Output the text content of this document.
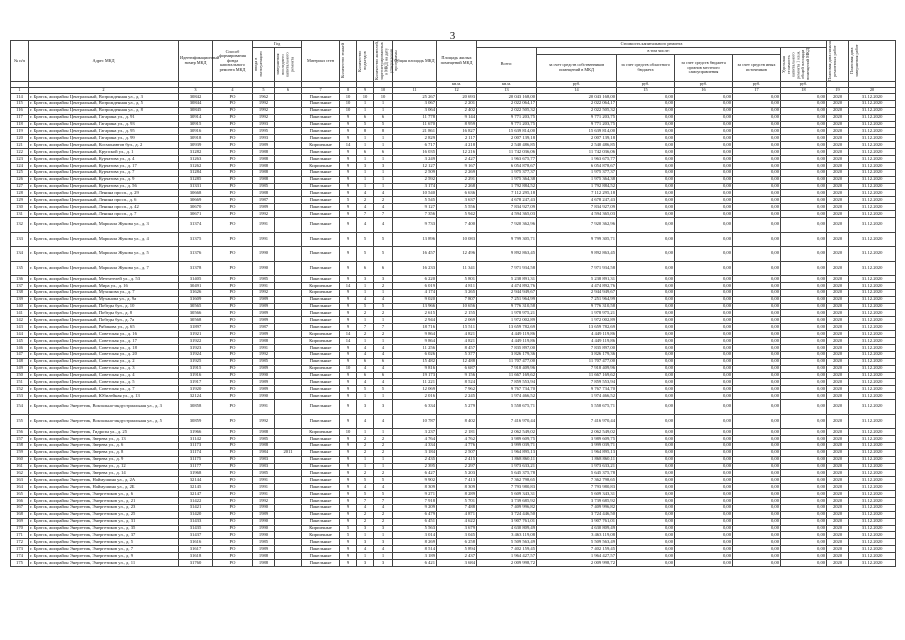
3
№ п/п	Адрес МКД	Идентификационный номер МКД	Способ формирования фонда капитального ремонта МКД	Год		Материал стен	Количество этажей	Количество подъездов	Количество жителей, зарегистрированных в МКД на дату утверждения программы	Общая площадь МКД	Площадь жилых помещений МКД	Стоимость капитального ремонта						Плановая дата начала ремонтных работ	Плановая дата завершения работ

				ввода в эксплуатацию	завершения последнего капитального ремонта							Всего:	в том числе:				Удельная стоимость капитального ремонта 1 кв.м. общей площади помещений МКД		

													за счет средств собственников помещений в МКД	за счет средств областного бюджета	за счет средств бюджета органов местного самоуправления	за счет средств иных источников			
											кв.м.	кв.м.	руб.	руб.	руб.	руб.	руб.		
1	2	3	4	5	6	7	8	9	10	11	12	13	14	15	16	17	18	19	20
114	г. Братск, жилрайон Центральный, Возрожденная ул., д. 3	30842	РО	1962		Панельные	10	10	10	25 267	20 693	20 043 168,00	20 043 168,00	0,00	0,00	0,00	0,00	2020	31.12.2020
115	г. Братск, жилрайон Центральный, Возрожденная ул., д. 5	30844	РО	1992		Панельные	10	1	1	3 067	2 201	2 022 064,17	2 022 064,17	0,00	0,00	0,00	0,00	2020	31.12.2020
116	г. Братск, жилрайон Центральный, Возрожденная ул., д. 8	30845	РО	1992		Панельные	10	1	1	3 064	2 402	2 022 505,32	2 022 505,32	0,00	0,00	0,00	0,00	2020	31.12.2020
117	г. Братск, жилрайон Центральный, Гагарина ул., д. 91	30914	РО	1992		Панельные	9	6	6	11 778	9 144	9 771 203,75	9 771 203,75	0,00	0,00	0,00	0,00	2020	31.12.2020
118	г. Братск, жилрайон Центральный, Гагарина ул., д. 93	30915	РО	1993		Панельные	9	5	5	11 670	8 959	9 771 203,75	9 771 203,75	0,00	0,00	0,00	0,00	2020	31.12.2020
119	г. Братск, жилрайон Центральный, Гагарина ул., д. 95	30916	РО	1995		Панельные	9	8	8	21 861	16 827	15 639 814,00	15 639 814,00	0,00	0,00	0,00	0,00	2020	31.12.2020
120	г. Братск, жилрайон Центральный, Гагарина ул., д. 99	30918	РО	1993		Панельные	9	1	1	2 829	2 117	2 007 139,18	2 007 139,18	0,00	0,00	0,00	0,00	2020	31.12.2020
121	г. Братск, жилрайон Центральный, Космонавтов бул., д. 2	30939	РО	1989		Кирпичные	14	1	1	6 717	4 218	2 540 486,85	2 540 486,85	0,00	0,00	0,00	0,00	2020	31.12.2020
122	г. Братск, жилрайон Центральный, Крупской ул., д. 1	31282	РО	1988		Панельные	9	6	6	16 035	12 216	11 742 036,06	11 742 036,06	0,00	0,00	0,00	0,00	2020	31.12.2020
123	г. Братск, жилрайон Центральный, Курчатова ул., д. 4	31263	РО	1988		Панельные	9	1	1	3 249	2 427	1 963 675,77	1 963 675,77	0,00	0,00	0,00	0,00	2020	31.12.2020
124	г. Братск, жилрайон Центральный, Курчатова ул., д. 17	31262	РО	1988		Кирпичные	9	3	3	12 127	9 167	6 054 878,67	6 054 878,67	0,00	0,00	0,00	0,00	2020	31.12.2020
125	г. Братск, жилрайон Центральный, Курчатова ул., д. 7	31284	РО	1988		Панельные	9	1	1	2 509	2 269	1 975 377,37	1 975 377,37	0,00	0,00	0,00	0,00	2020	31.12.2020
126	г. Братск, жилрайон Центральный, Курчатова ул., д. 9	31285	РО	1988		Панельные	9	1	1	2 592	2 291	1 975 364,38	1 975 364,38	0,00	0,00	0,00	0,00	2020	31.12.2020
127	г. Братск, жилрайон Центральный, Курчатова ул., д. 56	31331	РО	1985		Панельные	9	1	1	3 174	2 268	1 792 884,52	1 792 884,52	0,00	0,00	0,00	0,00	2020	31.12.2020
128	г. Братск, жилрайон Центральный, Ленина просп., д. 29	30668	РО	1988		Панельные	9	4	4	10 540	6 636	7 112 295,18	7 112 295,18	0,00	0,00	0,00	0,00	2020	31.12.2020
129	г. Братск, жилрайон Центральный, Ленина просп., д. 6	30669	РО	1987		Панельные	5	2	2	5 545	3 637	4 678 247,43	4 678 247,43	0,00	0,00	0,00	0,00	2020	31.12.2020
130	г. Братск, жилрайон Центральный, Ленина просп., д. 42	30670	РО	1989		Панельные	9	4	4	9 127	5 556	7 834 927,09	7 834 927,09	0,00	0,00	0,00	0,00	2020	31.12.2020
131	г. Братск, жилрайон Центральный, Ленина просп., д. 7	30671	РО	1992		Панельные	9	7	7	7 356	5 942	4 594 365,03	4 594 365,03	0,00	0,00	0,00	0,00	2020	31.12.2020
132	г. Братск, жилрайон Центральный, Маршала Жукова ул., д. 3	31374	РО	1991		Панельные	9	4	4	9 733	7 400	7 920 362,96	7 920 362,96	0,00	0,00	0,00	0,00	2020	31.12.2020
133	г. Братск, жилрайон Центральный, Маршала Жукова ул., д. 4	31375	РО	1991		Панельные	9	5	5	13 896	10 083	9 799 305,71	9 799 305,71	0,00	0,00	0,00	0,00	2020	31.12.2020
134	г. Братск, жилрайон Центральный, Маршала Жукова ул., д. 5	31376	РО	1990		Панельные	9	5	5	16 457	12 496	9 892 863,45	9 892 863,45	0,00	0,00	0,00	0,00	2020	31.12.2020
135	г. Братск, жилрайон Центральный, Маршала Жукова ул., д. 7	31378	РО	1990		Панельные	9	6	6	16 233	11 341	7 971 934,58	7 971 934,58	0,00	0,00	0,00	0,00	2020	31.12.2020
136	г. Братск, жилрайон Центральный, Мечтателей ул., д. 53	31405	РО	1985		Панельные	9	3	3	6 220	5 801	5 238 891,31	5 238 891,31	0,00	0,00	0,00	0,00	2020	31.12.2020
137	г. Братск, жилрайон Центральный, Мира ул., д. 16	30491	РО	1991		Кирпичные	14	1	2	6 019	4 811	4 474 892,76	4 474 892,76	0,00	0,00	0,00	0,00	2020	31.12.2020
138	г. Братск, жилрайон Центральный, Мухинова ул., д. 7	31626	РО	1992		Кирпичные	9	1	1	4 174	3 265	2 944 949,67	2 944 949,67	0,00	0,00	0,00	0,00	2020	31.12.2020
139	г. Братск, жилрайон Центральный, Муханова ул., д. 9а	31609	РО	1989		Панельные	9	4	4	9 020	7 807	7 251 964,99	7 251 964,99	0,00	0,00	0,00	0,00	2020	31.12.2020
140	г. Братск, жилрайон Центральный, Победы бул., д. 10	30565	РО	1989		Панельные	9	5	5	13 966	10 656	9 776 310,58	9 776 310,58	0,00	0,00	0,00	0,00	2020	31.12.2020
141	г. Братск, жилрайон Центральный, Победы бул., д. 8	30566	РО	1989		Панельные	9	2	2	2 615	2 155	1 978 975,21	1 978 975,21	0,00	0,00	0,00	0,00	2020	31.12.2020
142	г. Братск, жилрайон Центральный, Победы бул., д. 7а	30568	РО	1989		Панельные	9	1	1	2 944	2 069	1 972 002,89	1 972 002,89	0,00	0,00	0,00	0,00	2020	31.12.2020
143	г. Братск, жилрайон Центральный, Рябикова ул., д. 65	31897	РО	1987		Панельные	9	7	7	18 716	15 511	13 659 782,69	13 659 782,69	0,00	0,00	0,00	0,00	2020	31.12.2020
144	г. Братск, жилрайон Центральный, Советская ул., д. 16	31921	РО	1989		Кирпичные	14	2	2	9 864	4 821	4 449 119,86	4 449 119,86	0,00	0,00	0,00	0,00	2020	31.12.2020
145	г. Братск, жилрайон Центральный, Советская ул., д. 17	31922	РО	1988		Кирпичные	14	1	1	9 864	4 821	4 449 119,86	4 449 119,86	0,00	0,00	0,00	0,00	2020	31.12.2020
146	г. Братск, жилрайон Центральный, Советская ул., д. 18	31923	РО	1991		Панельные	9	4	4	11 256	8 457	7 835 897,00	7 835 897,00	0,00	0,00	0,00	0,00	2020	31.12.2020
147	г. Братск, жилрайон Центральный, Советская ул., д. 20	31924	РО	1992		Панельные	9	4	4	6 026	5 377	3 826 179,36	3 826 179,36	0,00	0,00	0,00	0,00	2020	31.12.2020
148	г. Братск, жилрайон Центральный, Советская ул., д. 2	31925	РО	1985		Панельные	9	6	6	15 482	12 488	11 707 477,00	11 707 477,00	0,00	0,00	0,00	0,00	2020	31.12.2020
149	г. Братск, жилрайон Центральный, Советская ул., д. 3	31915	РО	1989		Кирпичные	10	4	4	9 816	6 687	7 918 409,96	7 918 409,96	0,00	0,00	0,00	0,00	2020	31.12.2020
150	г. Братск, жилрайон Центральный, Советская ул., д. 4	31916	РО	1990		Панельные	9	6	6	19 173	9 156	11 667 169,62	11 667 169,62	0,00	0,00	0,00	0,00	2020	31.12.2020
151	г. Братск, жилрайон Центральный, Советская ул., д. 5	31917	РО	1989		Панельные	9	4	4	11 221	8 524	7 859 553,94	7 859 553,94	0,00	0,00	0,00	0,00	2020	31.12.2020
152	г. Братск, жилрайон Центральный, Советская ул., д. 7	31920	РО	1989		Панельные	9	5	5	12 069	7 962	9 767 734,70	9 767 734,70	0,00	0,00	0,00	0,00	2020	31.12.2020
153	г. Братск, жилрайон Центральный, Юбилейная ул., д. 13	32124	РО	1990		Панельные	9	1	1	2 016	2 245	1 974 466,52	1 974 466,52	0,00	0,00	0,00	0,00	2020	31.12.2020
154	г. Братск, жилрайон Энергетик, Вокзально-индустриальная ул., д. 3	30858	РО	1991		Панельные	9	3	3	6 334	5 279	5 558 675,71	5 558 675,71	0,00	0,00	0,00	0,00	2020	31.12.2020
155	г. Братск, жилрайон Энергетик, Вокзально-индустриальная ул., д. 5	30859	РО	1992		Панельные	9	4	4	10 787	8 402	7 416 970,44	7 416 970,44	0,00	0,00	0,00	0,00	2020	31.12.2020
156	г. Братск, жилрайон Энергетик, Гидроэн ул., д. 25	31966	РО	1988		Кирпичные	10	1	1	3 237	2 181	2 062 549,02	2 062 549,02	0,00	0,00	0,00	0,00	2020	31.12.2020
157	г. Братск, жилрайон Энергетик, Зверева ул., д. 13	31142	РО	1985		Панельные	9	2	2	4 764	4 762	3 989 609,75	3 989 609,75	0,00	0,00	0,00	0,00	2020	31.12.2020
158	г. Братск, жилрайон Энергетик, Зверева ул., д. 6	31173	РО	1988		Панельные	9	2	2	4 334	4 776	3 999 039,71	3 999 039,71	0,00	0,00	0,00	0,00	2020	31.12.2020
159	г. Братск, жилрайон Энергетик, Зверева ул., д. 8	31174	РО	1984	2011	Панельные	9	2	2	3 184	2 507	1 964 895,13	1 964 895,13	0,00	0,00	0,00	0,00	2020	31.12.2020
160	г. Братск, жилрайон Энергетик, Зверева ул., д. 9	31175	РO	1983		Панельные	9	1	1	2 435	2 415	1 868 860,11	1 868 860,11	0,00	0,00	0,00	0,00	2020	31.12.2020
161	г. Братск, жилрайон Энергетик, Зверева ул., д. 12	31177	РО	1983		Панельные	9	1	1	2 395	2 297	1 973 633,21	1 973 633,21	0,00	0,00	0,00	0,00	2020	31.12.2020
162	г. Братск, жилрайон Энергетик, Зверева ул., д. 14	31968	РО	1985		Панельные	9	2	2	6 427	5 203	5 645 375,78	5 645 375,78	0,00	0,00	0,00	0,00	2020	31.12.2020
163	г. Братск, жилрайон Энергетик, Наймушина ул., д. 2А	32144	РО	1991		Панельные	9	5	5	9 902	7 413	7 362 798,65	7 362 798,65	0,00	0,00	0,00	0,00	2020	31.12.2020
164	г. Братск, жилрайон Энергетик, Наймушина ул., д. 2Б	32145	РО	1991		Панельные	9	4	4	8 309	8 309	7 793 980,83	7 793 980,83	0,00	0,00	0,00	0,00	2020	31.12.2020
165	г. Братск, жилрайон Энергетик, Энергетиков ул., д. 6	32147	РО	1991		Панельные	9	5	5	9 271	8 289	5 609 343,31	5 609 343,31	0,00	0,00	0,00	0,00	2020	31.12.2020
166	г. Братск, жилрайон Энергетик, Энергетиков ул., д. 21	31422	РО	1992		Панельные	9	7	7	7 918	5 701	3 739 685,92	3 739 685,92	0,00	0,00	0,00	0,00	2020	31.12.2020
167	г. Братск, жилрайон Энергетик, Энергетиков ул., д. 23	31421	РО	1990		Панельные	9	4	4	9 209	7 488	7 409 996,82	7 409 996,82	0,00	0,00	0,00	0,00	2020	31.12.2020
168	г. Братск, жилрайон Энергетик, Энергетиков ул., д. 25	31420	РО	1989		Панельные	9	2	2	6 479	4 871	3 724 446,50	3 724 446,50	0,00	0,00	0,00	0,00	2020	31.12.2020
169	г. Братск, жилрайон Энергетик, Энергетиков ул., д. 31	31433	РО	1990		Панельные	9	2	2	6 451	4 622	3 907 761,01	3 907 761,01	0,00	0,00	0,00	0,00	2020	31.12.2020
170	г. Братск, жилрайон Энергетик, Энергетиков ул., д. 35	31435	РО	1990		Кирпичные	5	3	3	5 563	3 679	4 630 809,49	4 630 809,49	0,00	0,00	0,00	0,00	2020	31.12.2020
171	г. Братск, жилрайон Энергетик, Энергетиков ул., д. 37	31437	РО	1990		Кирпичные	5	1	1	3 014	3 045	3 463 119,08	3 463 119,08	0,00	0,00	0,00	0,00	2020	31.12.2020
172	г. Братск, жилрайон Энергетик, Энергетиков ул., д. 5	31616	РО	1985		Панельные	9	3	3	8 269	6 258	5 509 563,49	5 509 563,49	0,00	0,00	0,00	0,00	2020	31.12.2020
173	г. Братск, жилрайон Энергетик, Энергетиков ул., д. 7	31617	РО	1989		Панельные	9	4	4	8 514	5 894	7 402 159,45	7 402 159,45	0,00	0,00	0,00	0,00	2020	31.12.2020
174	г. Братск, жилрайон Энергетик, Энергетиков ул., д. 9	31618	РО	1988		Панельные	9	1	1	3 189	2 437	1 964 427,57	1 964 427,57	0,00	0,00	0,00	0,00	2020	31.12.2020
175	г. Братск, жилрайон Энергетик, Энергетиков ул., д. 11	31760	РО	1988		Панельные	9	3	3	6 421	3 684	2 009 998,72	2 009 998,72	0,00	0,00	0,00	0,00	2020	31.12.2020
